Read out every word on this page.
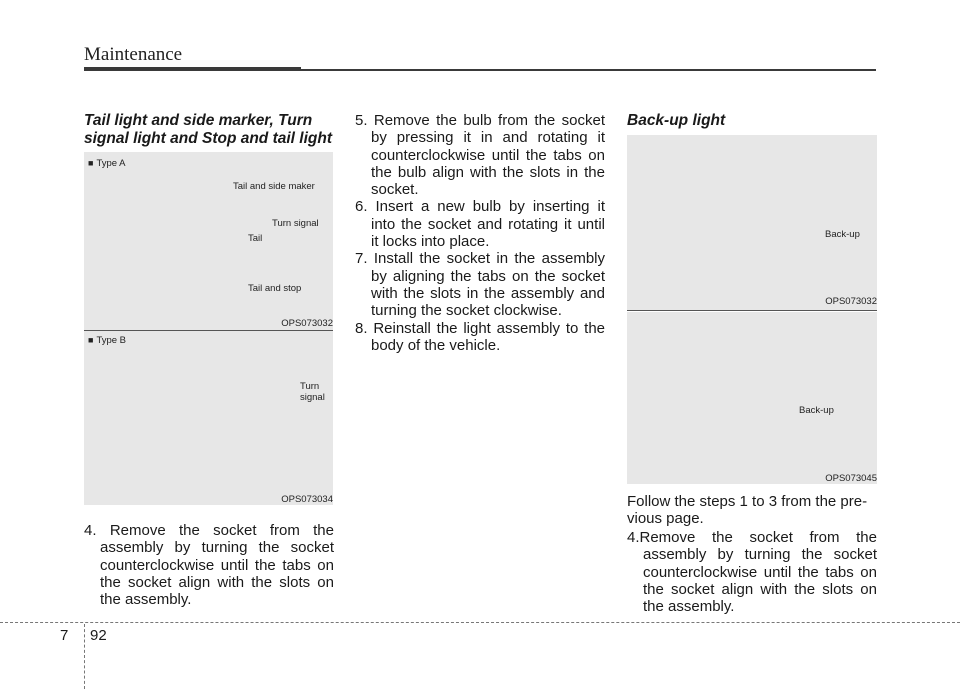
Maintenance
Tail light and side marker, Turn signal light and Stop and tail light
■ Type A
Tail and side maker
Turn signal
Tail
Tail and stop
OPS073032
■ Type B
Turn
signal
OPS073034

4. Remove the socket from the assembly by turning the socket counterclockwise until the tabs on the socket align with the slots on the assembly.

5. Remove the bulb from the socket by pressing it in and rotating it counterclockwise until the tabs on the bulb align with the slots in the socket.

6. Insert a new bulb by inserting it into the socket and rotating it until it locks into place.

7. Install the socket in the assembly by aligning the tabs on the socket with the slots in the assembly and turning the socket clockwise.

8. Reinstall the light assembly to the body of the vehicle.

Back-up light
Back-up
OPS073032
Back-up
OPS073045

Follow the steps 1 to 3 from the pre-vious page.

4.Remove the socket from the assembly by turning the socket counterclockwise until the tabs on the socket align with the slots on the assembly.

7 92
